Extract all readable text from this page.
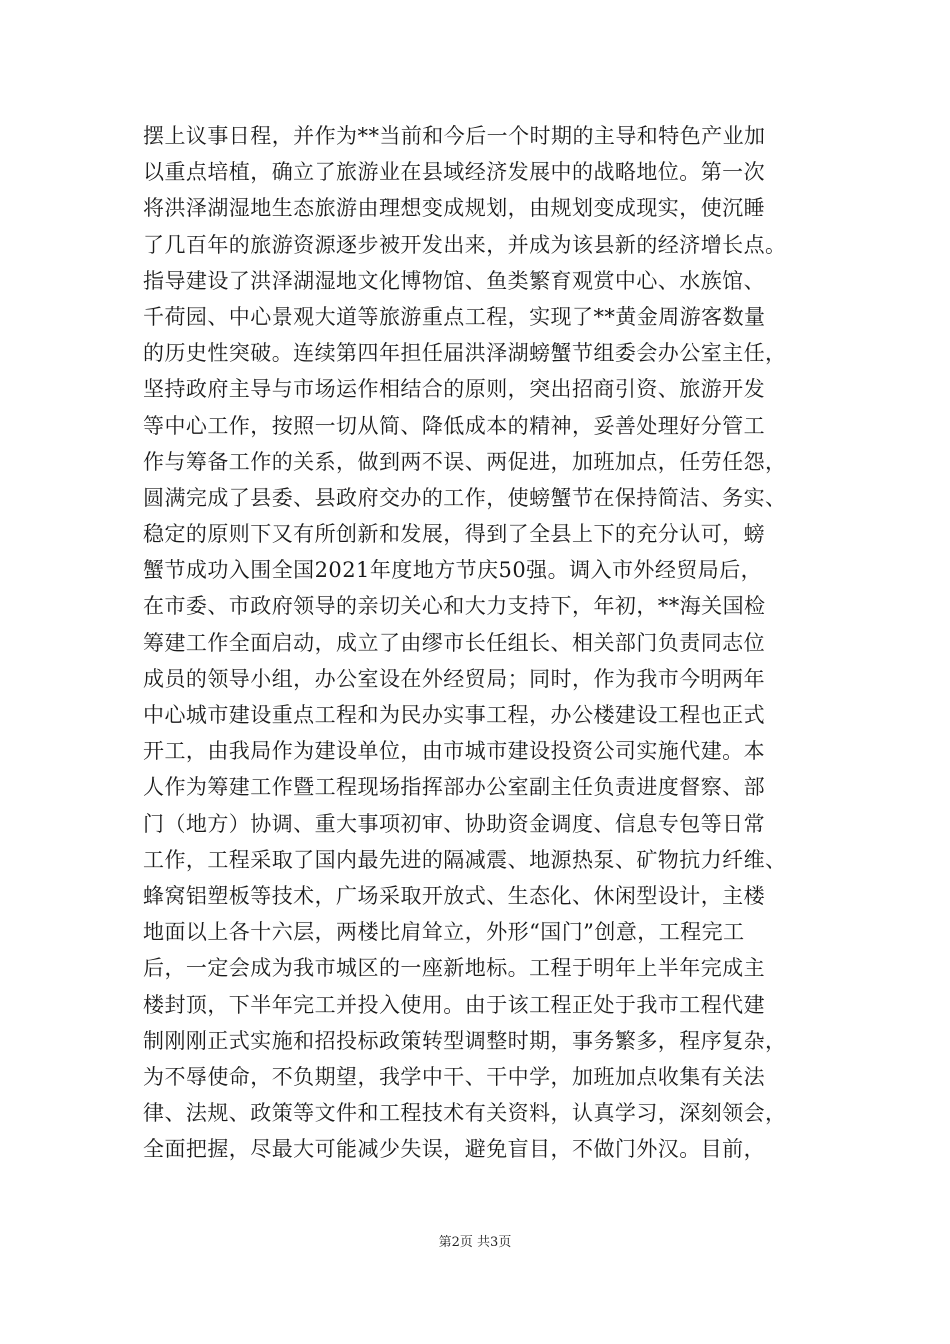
摆上议事日程，并作为**当前和今后一个时期的主导和特色产业加
以重点培植，确立了旅游业在县域经济发展中的战略地位。第一次
将洪泽湖湿地生态旅游由理想变成规划，由规划变成现实，使沉睡
了几百年的旅游资源逐步被开发出来，并成为该县新的经济增长点。
指导建设了洪泽湖湿地文化博物馆、鱼类繁育观赏中心、水族馆、
千荷园、中心景观大道等旅游重点工程，实现了**黄金周游客数量
的历史性突破。连续第四年担任届洪泽湖螃蟹节组委会办公室主任，
坚持政府主导与市场运作相结合的原则，突出招商引资、旅游开发
等中心工作，按照一切从简、降低成本的精神，妥善处理好分管工
作与筹备工作的关系，做到两不误、两促进，加班加点，任劳任怨，
圆满完成了县委、县政府交办的工作，使螃蟹节在保持简洁、务实、
稳定的原则下又有所创新和发展，得到了全县上下的充分认可，螃
蟹节成功入围全国2021年度地方节庆50强。调入市外经贸局后，
在市委、市政府领导的亲切关心和大力支持下，年初，**海关国检
筹建工作全面启动，成立了由缪市长任组长、相关部门负责同志位
成员的领导小组，办公室设在外经贸局；同时，作为我市今明两年
中心城市建设重点工程和为民办实事工程，办公楼建设工程也正式
开工，由我局作为建设单位，由市城市建设投资公司实施代建。本
人作为筹建工作暨工程现场指挥部办公室副主任负责进度督察、部
门（地方）协调、重大事项初审、协助资金调度、信息专包等日常
工作，工程采取了国内最先进的隔减震、地源热泵、矿物抗力纤维、
蜂窝铝塑板等技术，广场采取开放式、生态化、休闲型设计，主楼
地面以上各十六层，两楼比肩耸立，外形“国门”创意，工程完工
后，一定会成为我市城区的一座新地标。工程于明年上半年完成主
楼封顶，下半年完工并投入使用。由于该工程正处于我市工程代建
制刚刚正式实施和招投标政策转型调整时期，事务繁多，程序复杂，
为不辱使命，不负期望，我学中干、干中学，加班加点收集有关法
律、法规、政策等文件和工程技术有关资料，认真学习，深刻领会，
全面把握，尽最大可能减少失误，避免盲目，不做门外汉。目前，
第2页 共3页
